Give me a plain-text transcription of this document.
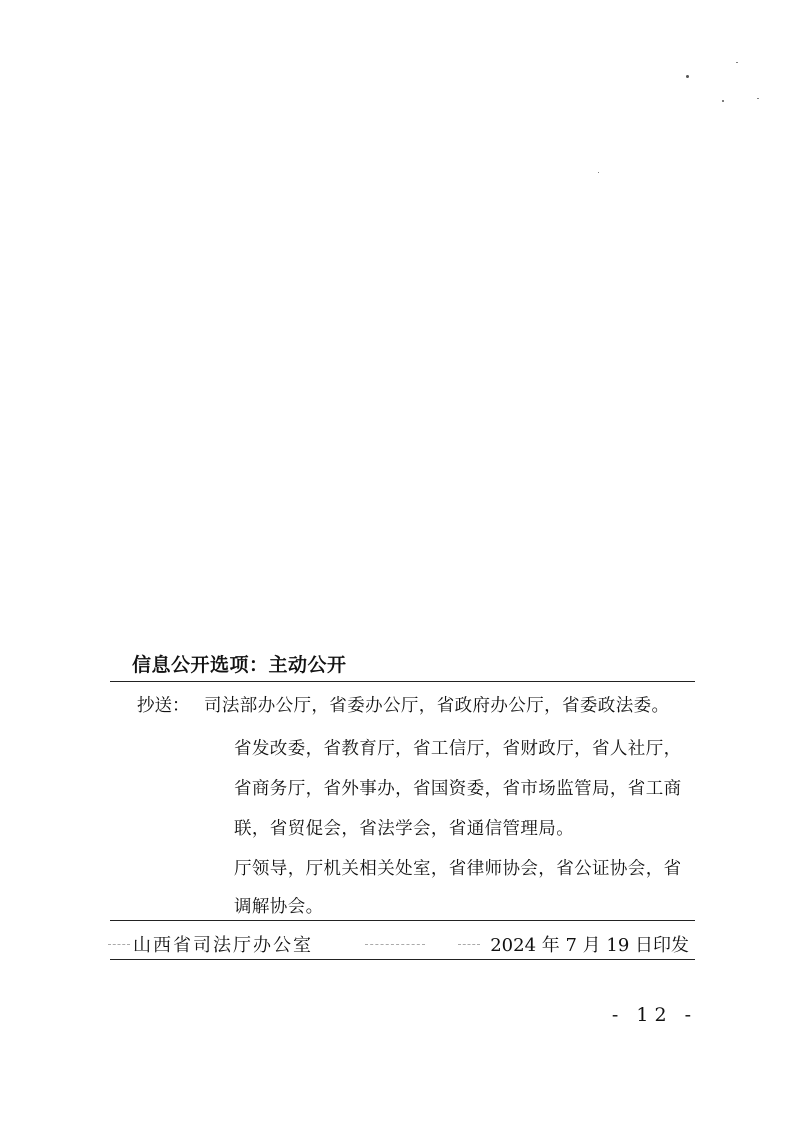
信息公开选项：主动公开
抄送： 司法部办公厅，省委办公厅，省政府办公厅，省委政法委。
省发改委，省教育厅，省工信厅，省财政厅，省人社厅，
省商务厅，省外事办，省国资委，省市场监管局，省工商
联，省贸促会，省法学会，省通信管理局。
厅领导，厅机关相关处室，省律师协会，省公证协会，省
调解协会。
山西省司法厅办公室	2024 年 7 月 19 日印发
- 12 -
